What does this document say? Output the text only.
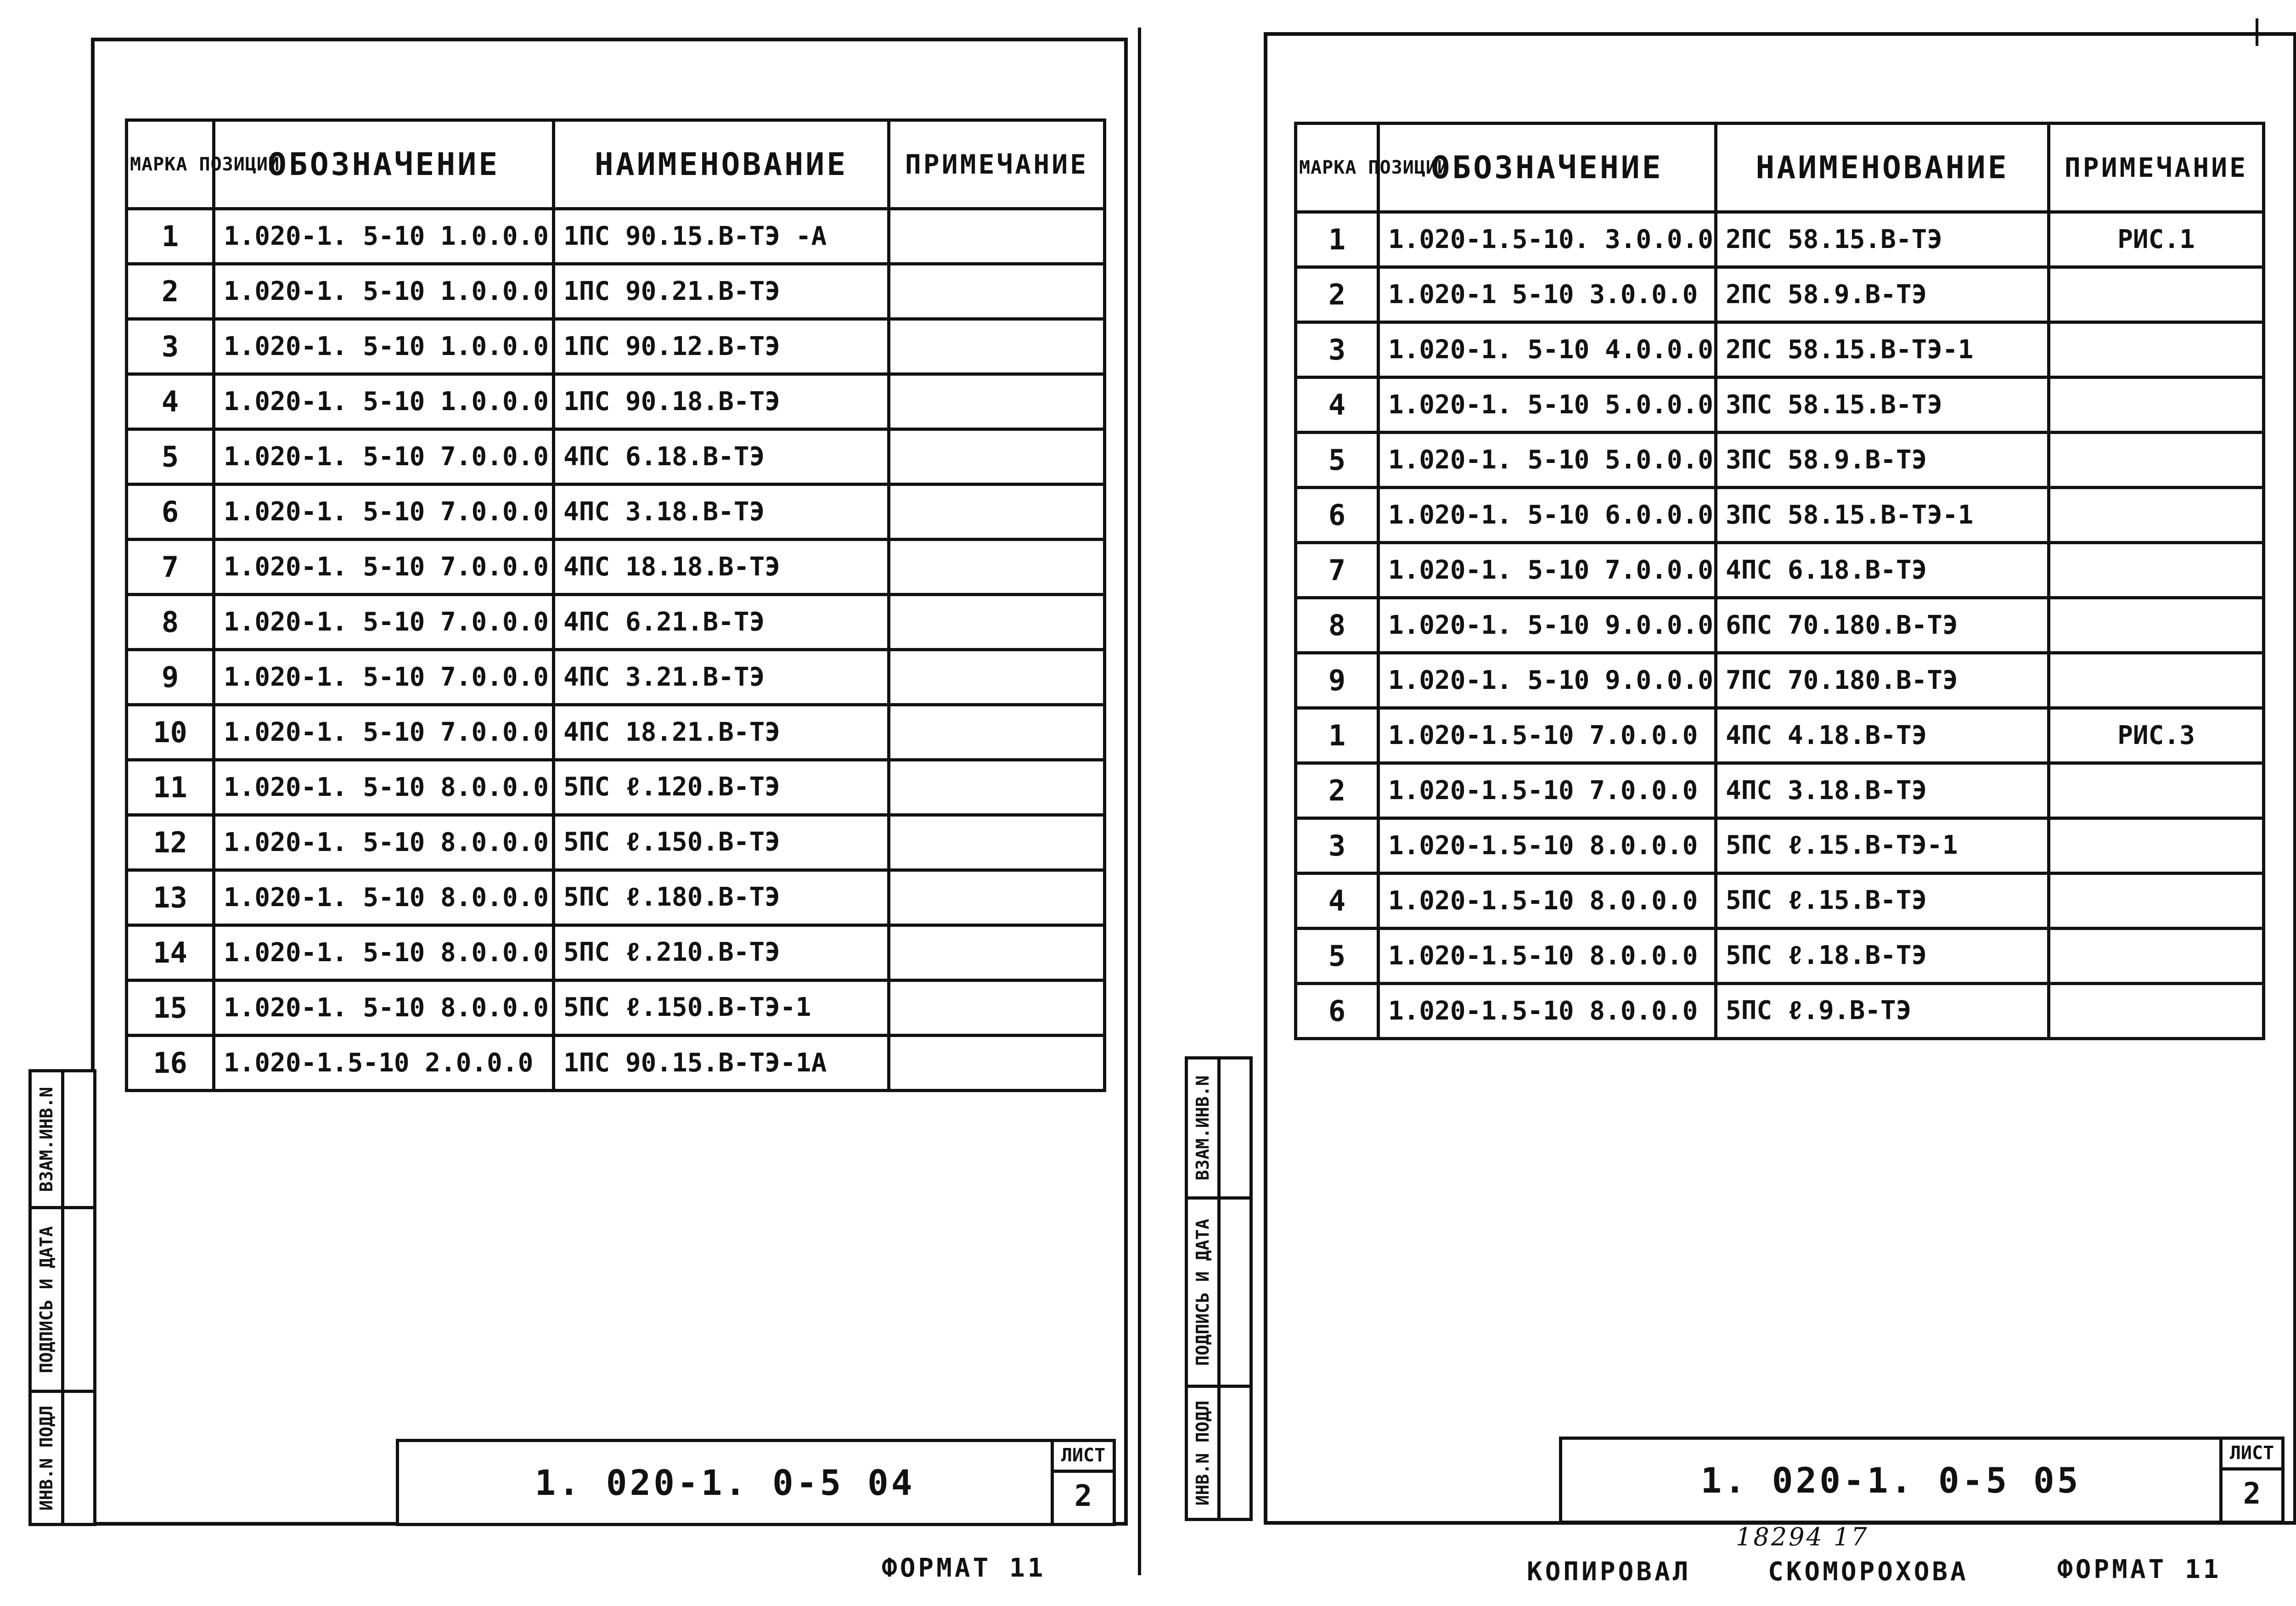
МАРКА ПОЗИЦИИ	ОБОЗНАЧЕНИЕ	НАИМЕНОВАНИЕ	ПРИМЕЧАНИЕ
1	1.020-1. 5-10 1.0.0.0	1ПС 90.15.В-ТЭ -А	
2	1.020-1. 5-10 1.0.0.0	1ПС 90.21.В-ТЭ	
3	1.020-1. 5-10 1.0.0.0	1ПС 90.12.В-ТЭ	
4	1.020-1. 5-10 1.0.0.0	1ПС 90.18.В-ТЭ	
5	1.020-1. 5-10 7.0.0.0	4ПС 6.18.В-ТЭ	
6	1.020-1. 5-10 7.0.0.0	4ПС 3.18.В-ТЭ	
7	1.020-1. 5-10 7.0.0.0	4ПС 18.18.В-ТЭ	
8	1.020-1. 5-10 7.0.0.0	4ПС 6.21.В-ТЭ	
9	1.020-1. 5-10 7.0.0.0	4ПС 3.21.В-ТЭ	
10	1.020-1. 5-10 7.0.0.0	4ПС 18.21.В-ТЭ	
11	1.020-1. 5-10 8.0.0.0	5ПС ℓ.120.В-ТЭ	
12	1.020-1. 5-10 8.0.0.0	5ПС ℓ.150.В-ТЭ	
13	1.020-1. 5-10 8.0.0.0	5ПС ℓ.180.В-ТЭ	
14	1.020-1. 5-10 8.0.0.0	5ПС ℓ.210.В-ТЭ	
15	1.020-1. 5-10 8.0.0.0	5ПС ℓ.150.В-ТЭ-1	
16	1.020-1.5-10 2.0.0.0	1ПС 90.15.В-ТЭ-1А	
1. 020-1. 0-5 04
ЛИСТ
2
ИНВ.N ПОДЛ
ПОДПИСЬ И ДАТА
ВЗАМ.ИНВ.N
ФОРМАТ 11
МАРКА ПОЗИЦИИ	ОБОЗНАЧЕНИЕ	НАИМЕНОВАНИЕ	ПРИМЕЧАНИЕ
1	1.020-1.5-10. 3.0.0.0	2ПС 58.15.В-ТЭ	РИС.1
2	1.020-1 5-10 3.0.0.0	2ПС 58.9.В-ТЭ	
3	1.020-1. 5-10 4.0.0.0	2ПС 58.15.В-ТЭ-1	
4	1.020-1. 5-10 5.0.0.0	3ПС 58.15.В-ТЭ	
5	1.020-1. 5-10 5.0.0.0	3ПС 58.9.В-ТЭ	
6	1.020-1. 5-10 6.0.0.0	3ПС 58.15.В-ТЭ-1	
7	1.020-1. 5-10 7.0.0.0	4ПС 6.18.В-ТЭ	
8	1.020-1. 5-10 9.0.0.0	6ПС 70.180.В-ТЭ	
9	1.020-1. 5-10 9.0.0.0	7ПС 70.180.В-ТЭ	
1	1.020-1.5-10 7.0.0.0	4ПС 4.18.В-ТЭ	РИС.3
2	1.020-1.5-10 7.0.0.0	4ПС 3.18.В-ТЭ	
3	1.020-1.5-10 8.0.0.0	5ПС ℓ.15.В-ТЭ-1	
4	1.020-1.5-10 8.0.0.0	5ПС ℓ.15.В-ТЭ	
5	1.020-1.5-10 8.0.0.0	5ПС ℓ.18.В-ТЭ	
6	1.020-1.5-10 8.0.0.0	5ПС ℓ.9.В-ТЭ	
1. 020-1. 0-5 05
ЛИСТ
2
ИНВ.N ПОДЛ
ПОДПИСЬ И ДАТА
ВЗАМ.ИНВ.N
18294 17
КОПИРОВАЛ	СКОМОРОХОВА	ФОРМАТ 11
